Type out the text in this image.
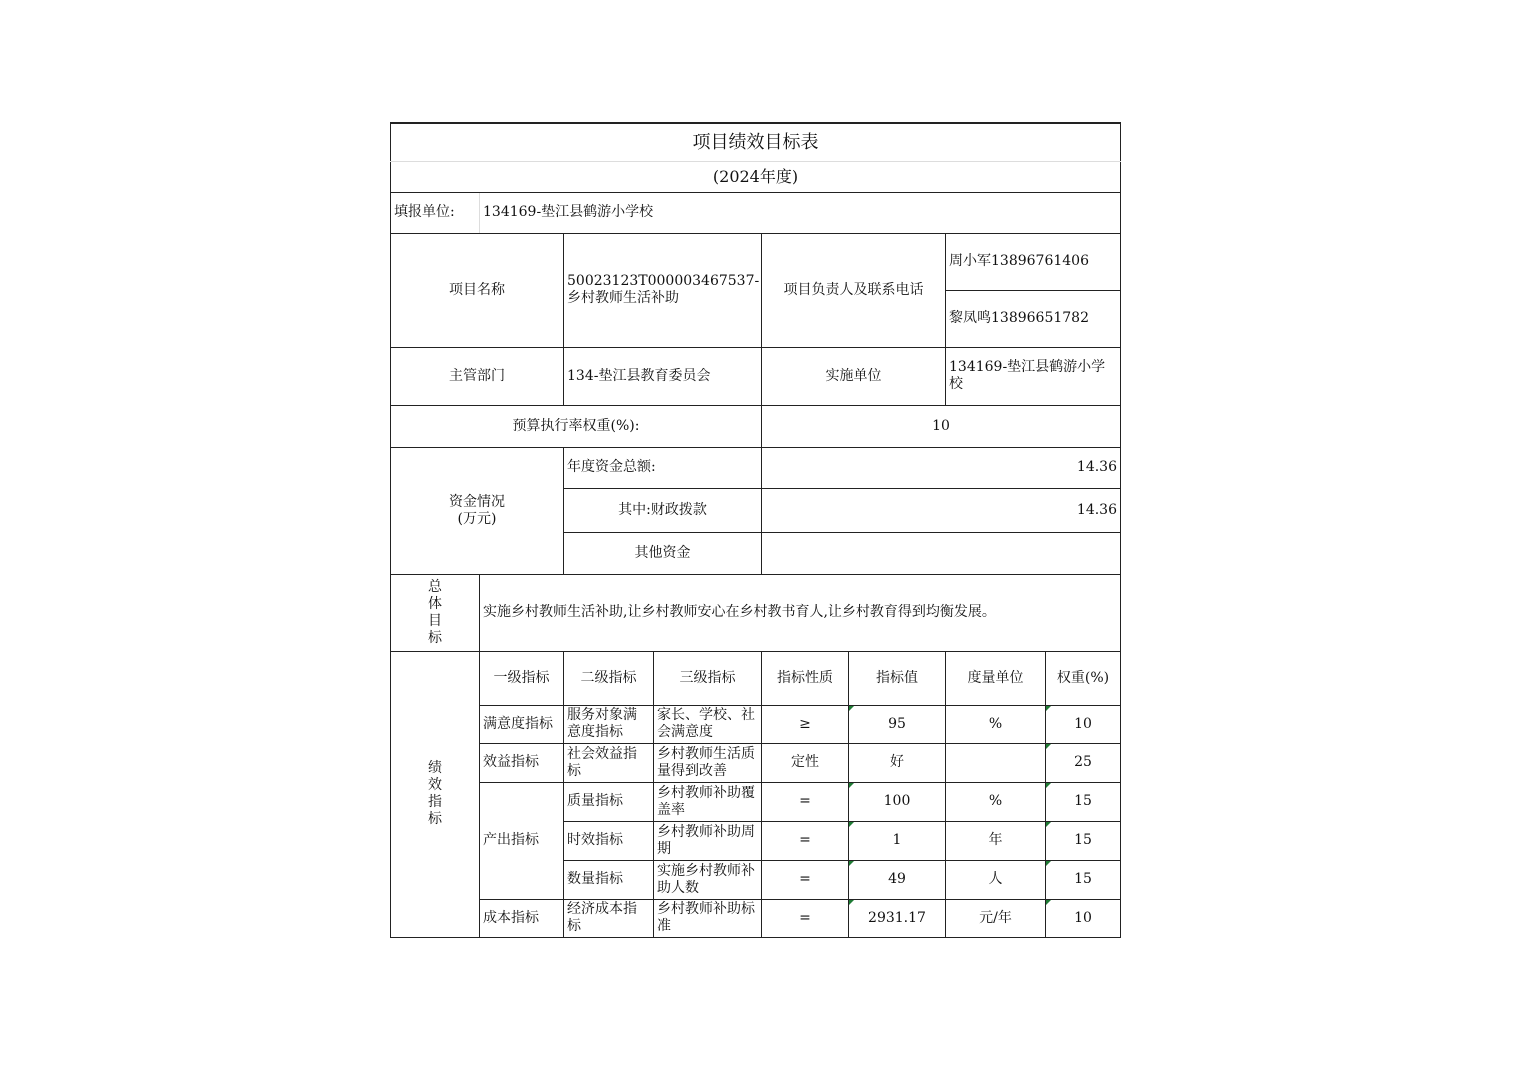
项目绩效目标表							
(2024年度)							
填报单位:	134169-垫江县鹤游小学校						
项目名称		50023123T000003467537-乡村教师生活补助		项目负责人及联系电话		周小军13896761406	
						黎凤鸣13896651782	
主管部门		134-垫江县教育委员会		实施单位		134169-垫江县鹤游小学校	
预算执行率权重(%):				10			
资金情况
(万元)		年度资金总额:		14.36			
		其中:财政拨款		14.36			
		其他资金					
总体目标	实施乡村教师生活补助,让乡村教师安心在乡村教书育人,让乡村教育得到均衡发展。						
绩效指标	一级指标	二级指标	三级指标	指标性质	指标值	度量单位	权重(%)
	满意度指标	服务对象满意度指标	家长、学校、社会满意度	≥	95	%	10
	效益指标	社会效益指标	乡村教师生活质量得到改善	定性	好		25
	产出指标	质量指标	乡村教师补助覆盖率	=	100	%	15
		时效指标	乡村教师补助周期	=	1	年	15
		数量指标	实施乡村教师补助人数	=	49	人	15
	成本指标	经济成本指标	乡村教师补助标准	=	2931.17	元/年	10
